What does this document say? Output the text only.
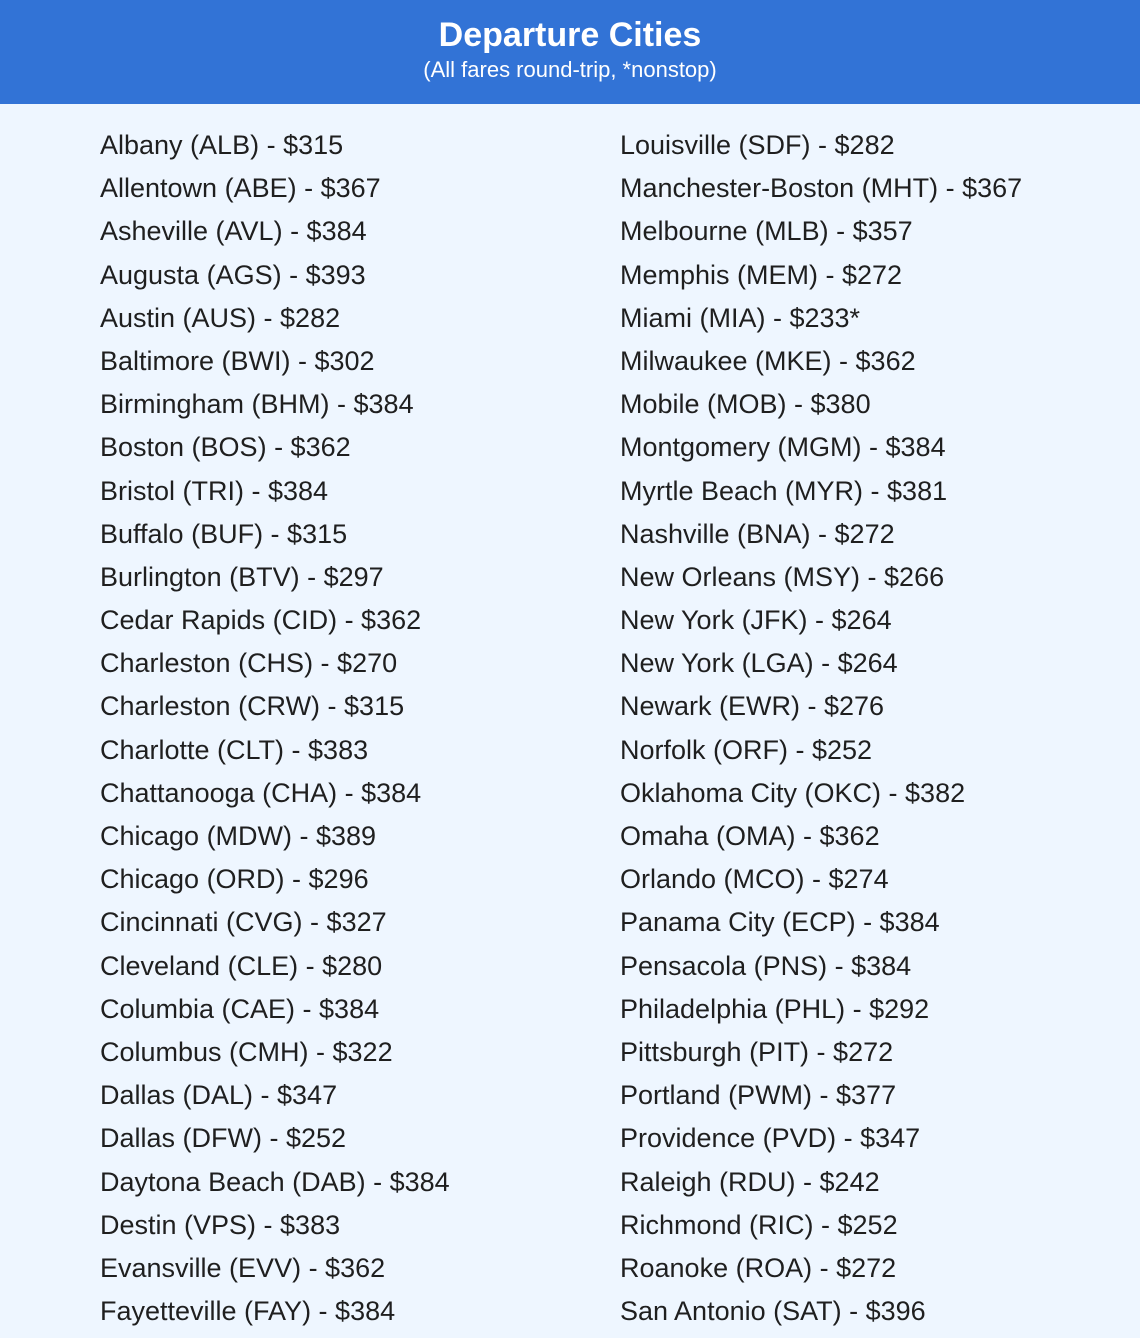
Departure Cities
(All fares round-trip, *nonstop)
Albany (ALB) - $315
Allentown (ABE) - $367
Asheville (AVL) - $384
Augusta (AGS) - $393
Austin (AUS) - $282
Baltimore (BWI) - $302
Birmingham (BHM) - $384
Boston (BOS) - $362
Bristol (TRI) - $384
Buffalo (BUF) - $315
Burlington (BTV) - $297
Cedar Rapids (CID) - $362
Charleston (CHS) - $270
Charleston (CRW) - $315
Charlotte (CLT) - $383
Chattanooga (CHA) - $384
Chicago (MDW) - $389
Chicago (ORD) - $296
Cincinnati (CVG) - $327
Cleveland (CLE) - $280
Columbia (CAE) - $384
Columbus (CMH) - $322
Dallas (DAL) - $347
Dallas (DFW) - $252
Daytona Beach (DAB) - $384
Destin (VPS) - $383
Evansville (EVV) - $362
Fayetteville (FAY) - $384
Louisville (SDF) - $282
Manchester-Boston (MHT) - $367
Melbourne (MLB) - $357
Memphis (MEM) - $272
Miami (MIA) - $233*
Milwaukee (MKE) - $362
Mobile (MOB) - $380
Montgomery (MGM) - $384
Myrtle Beach (MYR) - $381
Nashville (BNA) - $272
New Orleans (MSY) - $266
New York (JFK) - $264
New York (LGA) - $264
Newark (EWR) - $276
Norfolk (ORF) - $252
Oklahoma City (OKC) - $382
Omaha (OMA) - $362
Orlando (MCO) - $274
Panama City (ECP) - $384
Pensacola (PNS) - $384
Philadelphia (PHL) - $292
Pittsburgh (PIT) - $272
Portland (PWM) - $377
Providence (PVD) - $347
Raleigh (RDU) - $242
Richmond (RIC) - $252
Roanoke (ROA) - $272
San Antonio (SAT) - $396
